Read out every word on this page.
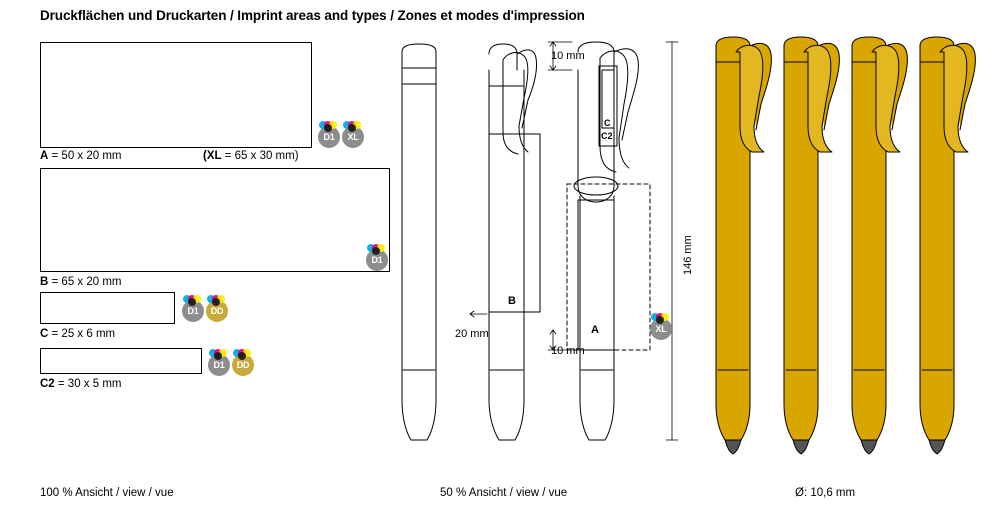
Druckflächen und Druckarten / Imprint areas and types / Zones et modes d'impression
A = 50 x 20 mm	(XL = 65 x 30 mm)
D1	XL
B = 65 x 20 mm
D1
C = 25 x 6 mm
D1	DD
C2 = 30 x 5 mm
D1	DD
10 mm
10 mm
20 mm
146 mm
B
A
C
C2
XL
100 % Ansicht / view / vue	50 % Ansicht / view / vue	Ø: 10,6 mm
